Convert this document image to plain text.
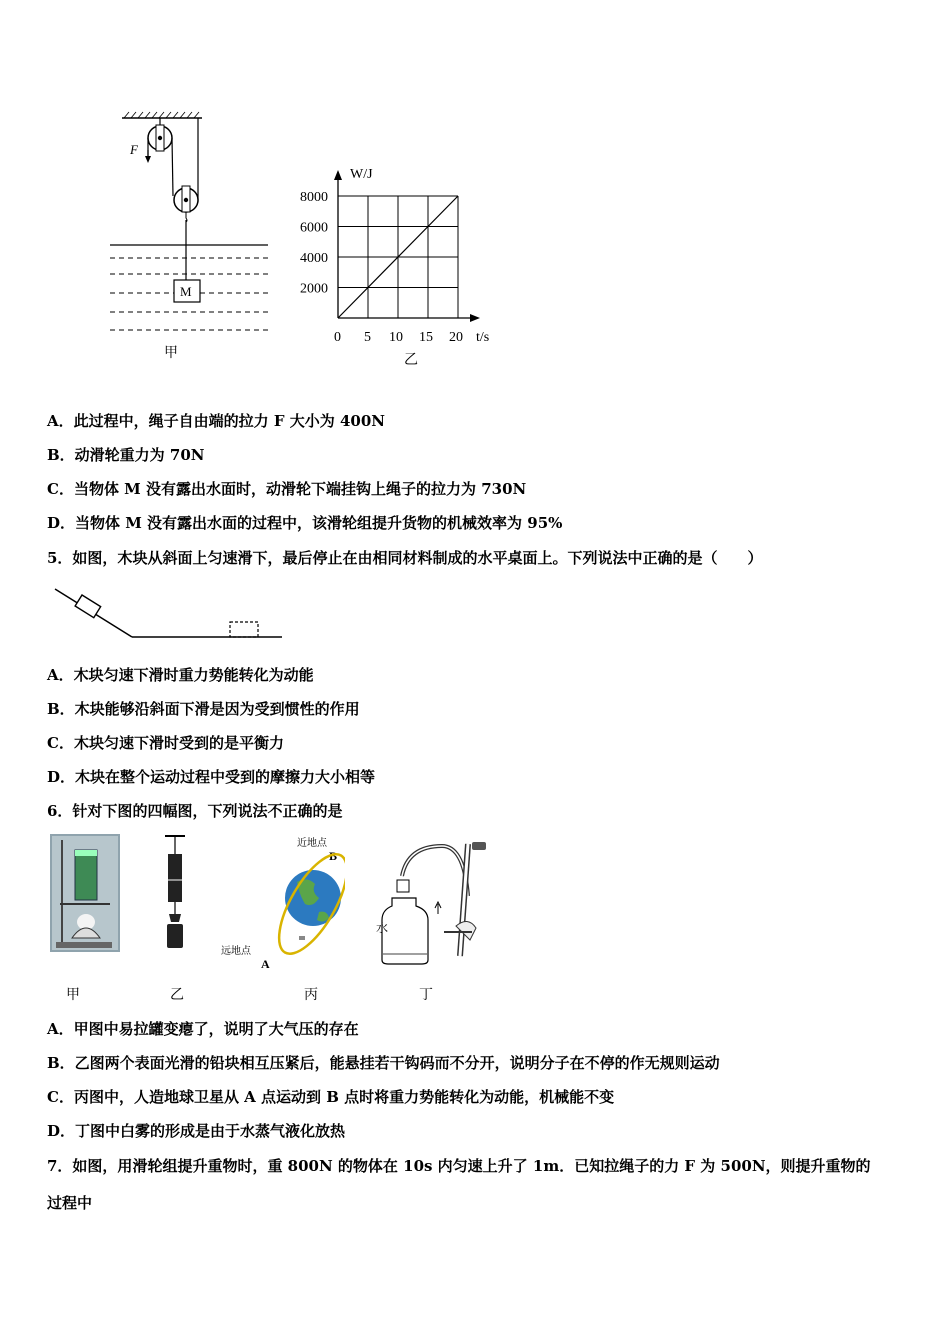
F
M
甲
W/J
t/s
0 5 10 15 20
2000
4000
6000
8000
乙
A．此过程中，绳子自由端的拉力 F 大小为 400N
B．动滑轮重力为 70N
C．当物体 M 没有露出水面时，动滑轮下端挂钩上绳子的拉力为 730N
D．当物体 M 没有露出水面的过程中，该滑轮组提升货物的机械效率为 95%
5．如图，木块从斜面上匀速滑下，最后停止在由相同材料制成的水平桌面上。下列说法中正确的是（　　）
A．木块匀速下滑时重力势能转化为动能
B．木块能够沿斜面下滑是因为受到惯性的作用
C．木块匀速下滑时受到的是平衡力
D．木块在整个运动过程中受到的摩擦力大小相等
6．针对下图的四幅图，下列说法不正确的是
近地点
B
远地点
A
水
甲	乙	丙	丁
A．甲图中易拉罐变瘪了，说明了大气压的存在
B．乙图两个表面光滑的铅块相互压紧后，能悬挂若干钩码而不分开，说明分子在不停的作无规则运动
C．丙图中，人造地球卫星从 A 点运动到 B 点时将重力势能转化为动能，机械能不变
D．丁图中白雾的形成是由于水蒸气液化放热
7．如图，用滑轮组提升重物时，重 800N 的物体在 10s 内匀速上升了 1m．已知拉绳子的力 F 为 500N，则提升重物的
过程中
